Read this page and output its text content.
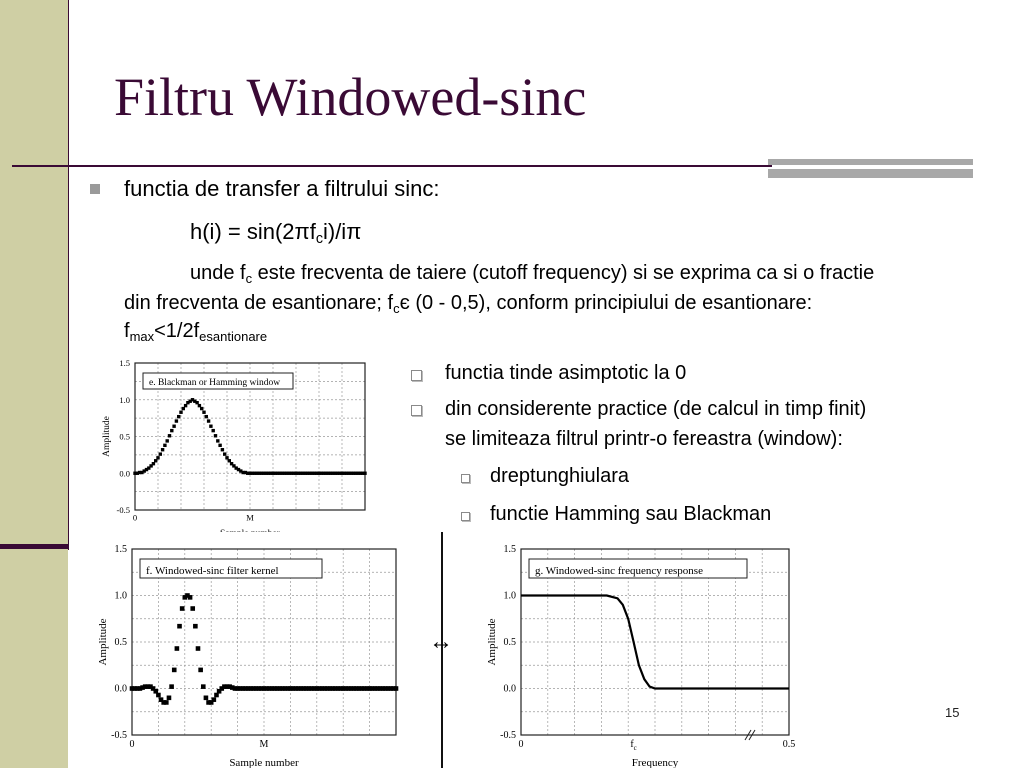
Filtru Windowed-sinc
functia de transfer a filtrului sinc:
$h(i) = \sin(2\pi f_ci)/i\pi$
unde $f_c$ este frecventa de taiere (cutoff frequency) si se exprima ca si o fractie
din frecventa de esantionare; $f_cє$ (0 - 0,5), conform principiului de esantionare:
$f_{max}<1/2f_{esantionare}$
functia tinde asimptotic la 0
din considerente practice (de calcul in timp finit)
se limiteaza filtrul printr-o fereastra (window):
dreptunghiulara
functie Hamming sau Blackman
1.5
1.0
0.5
0.0
-0.5
0	M
Amplitude
e. Blackman or Hamming window
1.5
1.0
0.5
0.0
-0.5
0	M
Sample number
Amplitude
f. Windowed-sinc filter kernel
1.5
1.0
0.5
0.0
-0.5
0	$f_c$	0.5
Frequency
Amplitude
g. Windowed-sinc frequency response
↔
15
